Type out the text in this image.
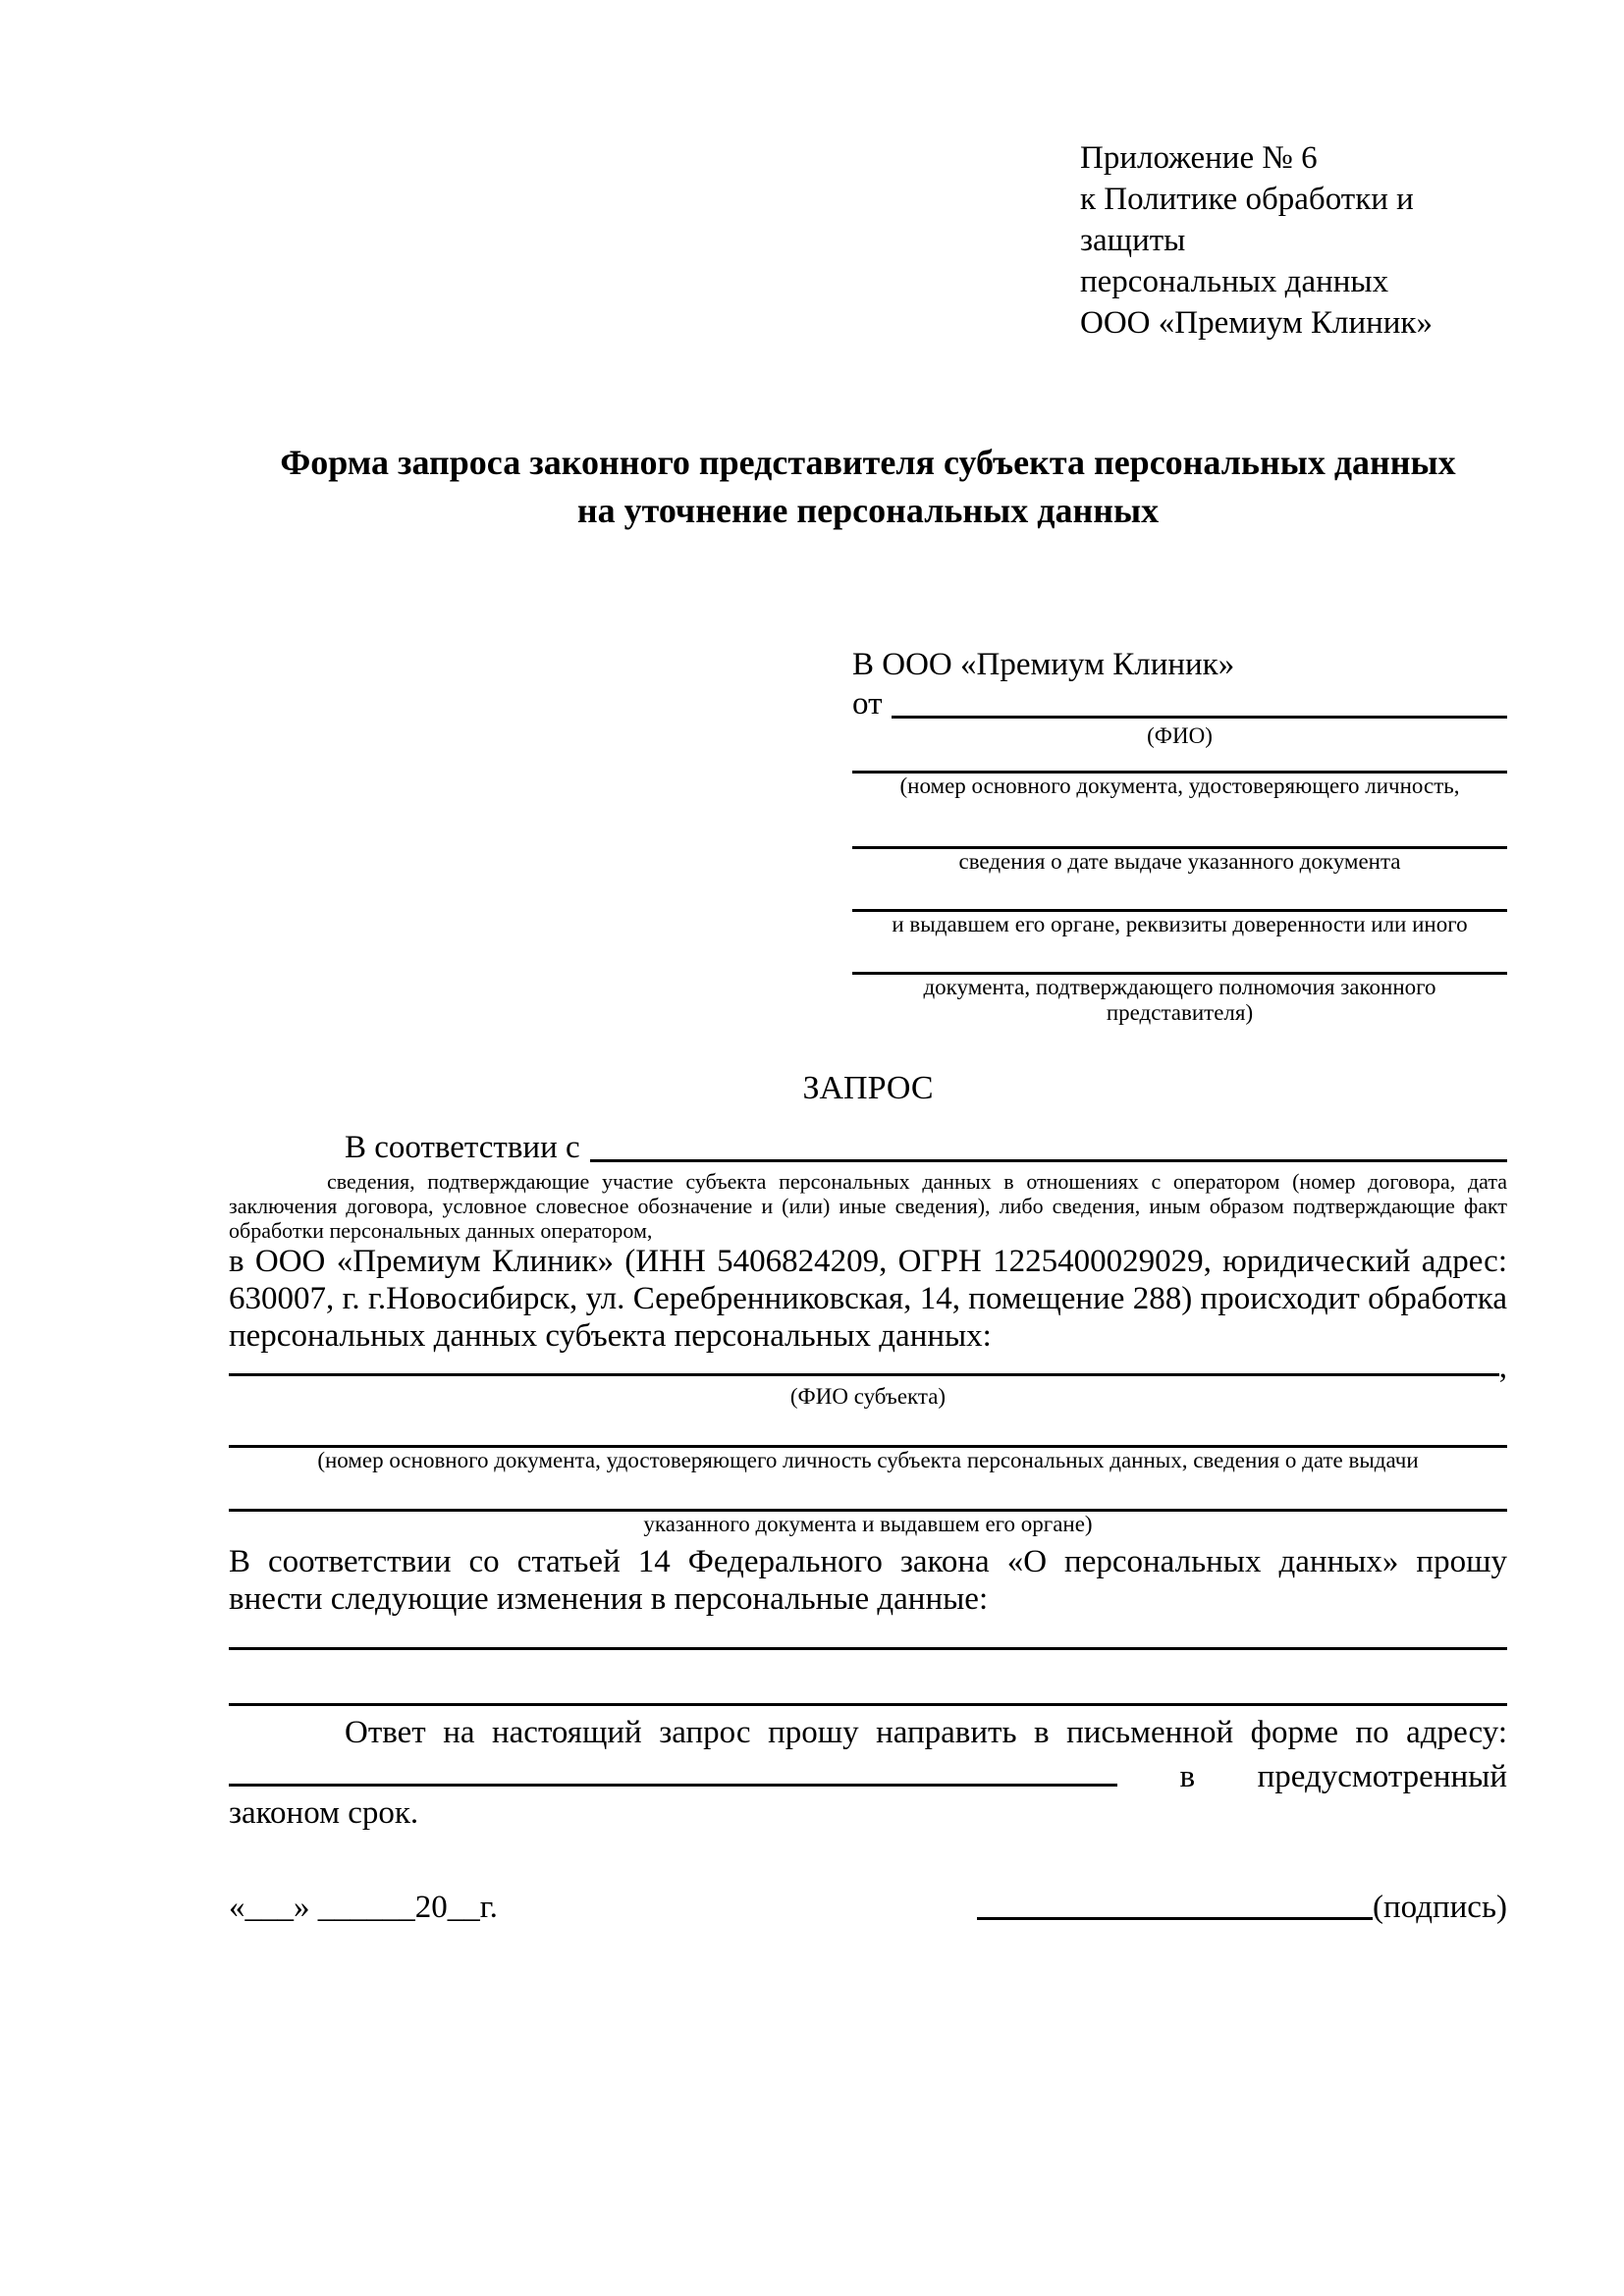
Приложение № 6
к Политике обработки и защиты
персональных данных
ООО «Премиум Клиник»
Форма запроса законного представителя субъекта персональных данных
на уточнение персональных данных
В ООО «Премиум Клиник»
от
(ФИО)
(номер основного документа, удостоверяющего личность,
сведения о дате выдаче указанного документа
и выдавшем его органе, реквизиты доверенности или иного
документа, подтверждающего полномочия законного представителя)
ЗАПРОС
В соответствии с
сведения, подтверждающие участие субъекта персональных данных в отношениях с оператором (номер договора, дата заключения договора, условное словесное обозначение и (или) иные сведения), либо сведения, иным образом подтверждающие факт обработки персональных данных оператором,
в ООО «Премиум Клиник» (ИНН 5406824209, ОГРН 1225400029029, юридический адрес: 630007, г. г.Новосибирск, ул. Серебренниковская, 14, помещение 288) происходит обработка персональных данных субъекта персональных данных:
,
(ФИО субъекта)
(номер основного документа, удостоверяющего личность субъекта персональных данных, сведения о дате выдачи
указанного документа и выдавшем его органе)
В соответствии со статьей 14 Федерального закона «О персональных данных» прошу внести следующие изменения в персональные данные:
Ответ на настоящий запрос прошу направить в письменной форме по адресу:
в предусмотренный
законом срок.
«___» ______20__г.	(подпись)
